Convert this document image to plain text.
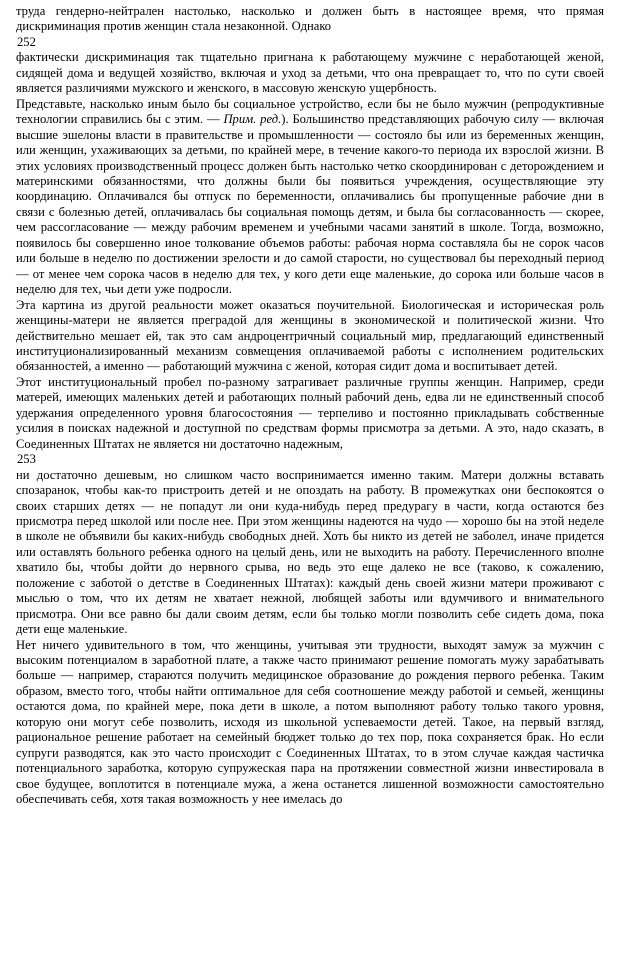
труда гендерно-нейтрален настолько, насколько и должен быть в настоящее время, что прямая дискриминация против женщин стала незаконной. Однако

252

фактически дискриминация так тщательно пригнана к работающему мужчине с неработающей женой, сидящей дома и ведущей хозяйство, включая и уход за детьми, что она превращает то, что по сути своей является различиями мужского и женского, в массовую женскую ущербность.

Представьте, насколько иным было бы социальное устройство, если бы не было мужчин (репродуктивные технологии справились бы с этим. — Прим. ред.). Большинство представляющих рабочую силу — включая высшие эшелоны власти в правительстве и промышленности — состояло бы или из беременных женщин, или женщин, ухаживающих за детьми, по крайней мере, в течение какого-то периода их взрослой жизни. В этих условиях производственный процесс должен быть настолько четко скоординирован с деторождением и материнскими обязанностями, что должны были бы появиться учреждения, осуществляющие эту координацию. Оплачивался бы отпуск по беременности, оплачивались бы пропущенные рабочие дни в связи с болезнью детей, оплачивалась бы социальная помощь детям, и была бы согласованность — скорее, чем рассогласование — между рабочим временем и учебными часами занятий в школе. Тогда, возможно, появилось бы совершенно иное толкование объемов работы: рабочая норма составляла бы не сорок часов или больше в неделю по достижении зрелости и до самой старости, но существовал бы переходный период — от менее чем сорока часов в неделю для тех, у кого дети еще маленькие, до сорока или больше часов в неделю для тех, чьи дети уже подросли.

Эта картина из другой реальности может оказаться поучительной. Биологическая и историческая роль женщины-матери не является преградой для женщины в экономической и политической жизни. Что действительно мешает ей, так это сам андроцентричный социальный мир, предлагающий единственный институционализированный механизм совмещения оплачиваемой работы с исполнением родительских обязанностей, а именно — работающий мужчина с женой, которая сидит дома и воспитывает детей.

Этот институциональный пробел по-разному затрагивает различные группы женщин. Например, среди матерей, имеющих маленьких детей и работающих полный рабочий день, едва ли не единственный способ удержания определенного уровня благосостояния — терпеливо и постоянно прикладывать собственные усилия в поисках надежной и доступной по средствам формы присмотра за детьми. А это, надо сказать, в Соединенных Штатах не является ни достаточно надежным,

253

ни достаточно дешевым, но слишком часто воспринимается именно таким. Матери должны вставать спозаранок, чтобы как-то пристроить детей и не опоздать на работу. В промежутках они беспокоятся о своих старших детях — не попадут ли они куда-нибудь перед предурагу в части, когда остаются без присмотра перед школой или после нее. При этом женщины надеются на чудо — хорошо бы на этой неделе в школе не объявили бы каких-нибудь свободных дней. Хоть бы никто из детей не заболел, иначе придется или оставлять больного ребенка одного на целый день, или не выходить на работу. Перечисленного вполне хватило бы, чтобы дойти до нервного срыва, но ведь это еще далеко не все (таково, к сожалению, положение с заботой о детстве в Соединенных Штатах): каждый день своей жизни матери проживают с мыслью о том, что их детям не хватает нежной, любящей заботы или вдумчивого и внимательного присмотра. Они все равно бы дали своим детям, если бы только могли позволить себе сидеть дома, пока дети еще маленькие.

Нет ничего удивительного в том, что женщины, учитывая эти трудности, выходят замуж за мужчин с высоким потенциалом в заработной плате, а также часто принимают решение помогать мужу зарабатывать больше — например, стараются получить медицинское образование до рождения первого ребенка. Таким образом, вместо того, чтобы найти оптимальное для себя соотношение между работой и семьей, женщины остаются дома, по крайней мере, пока дети в школе, а потом выполняют работу только такого уровня, которую они могут себе позволить, исходя из школьной успеваемости детей. Такое, на первый взгляд, рациональное решение работает на семейный бюджет только до тех пор, пока сохраняется брак. Но если супруги разводятся, как это часто происходит с Соединенных Штатах, то в этом случае каждая частичка потенциального заработка, которую супружеская пара на протяжении совместной жизни инвестировала в свое будущее, воплотится в потенциале мужа, а жена останется лишенной возможности самостоятельно обеспечивать себя, хотя такая возможность у нее имелась до
